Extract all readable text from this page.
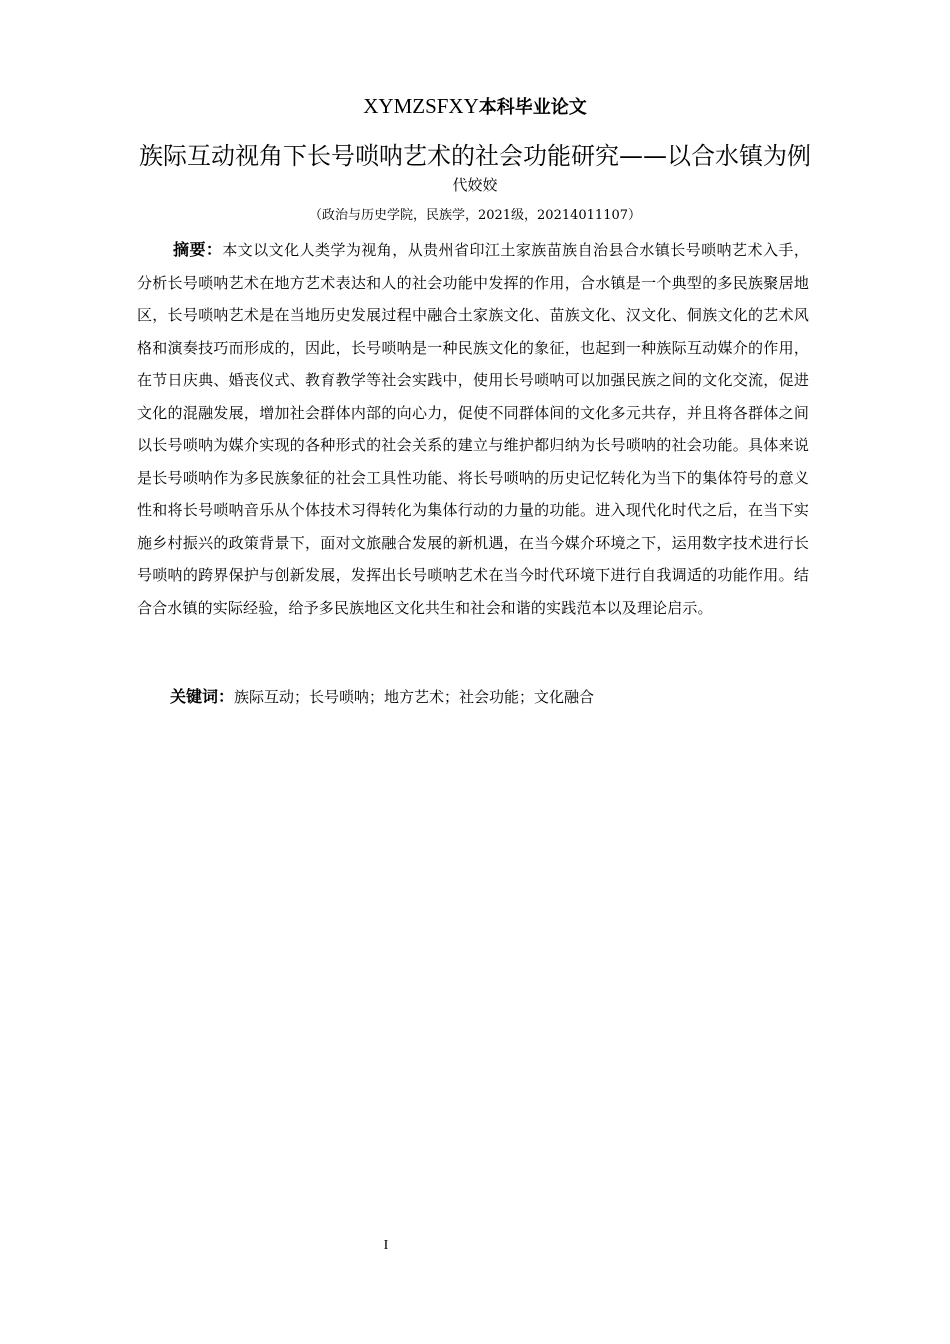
XYMZSFXY本科毕业论文
族际互动视角下长号唢呐艺术的社会功能研究——以合水镇为例
代姣姣
（政治与历史学院，民族学，2021级，20214011107）
摘要：本文以文化人类学为视角，从贵州省印江土家族苗族自治县合水镇长号唢呐艺术入手，分析长号唢呐艺术在地方艺术表达和人的社会功能中发挥的作用，合水镇是一个典型的多民族聚居地区，长号唢呐艺术是在当地历史发展过程中融合土家族文化、苗族文化、汉文化、侗族文化的艺术风格和演奏技巧而形成的，因此，长号唢呐是一种民族文化的象征，也起到一种族际互动媒介的作用，在节日庆典、婚丧仪式、教育教学等社会实践中，使用长号唢呐可以加强民族之间的文化交流，促进文化的混融发展，增加社会群体内部的向心力，促使不同群体间的文化多元共存，并且将各群体之间以长号唢呐为媒介实现的各种形式的社会关系的建立与维护都归纳为长号唢呐的社会功能。具体来说是长号唢呐作为多民族象征的社会工具性功能、将长号唢呐的历史记忆转化为当下的集体符号的意义性和将长号唢呐音乐从个体技术习得转化为集体行动的力量的功能。进入现代化时代之后，在当下实施乡村振兴的政策背景下，面对文旅融合发展的新机遇，在当今媒介环境之下，运用数字技术进行长号唢呐的跨界保护与创新发展，发挥出长号唢呐艺术在当今时代环境下进行自我调适的功能作用。结合合水镇的实际经验，给予多民族地区文化共生和社会和谐的实践范本以及理论启示。
关键词：族际互动；长号唢呐；地方艺术；社会功能；文化融合
I
